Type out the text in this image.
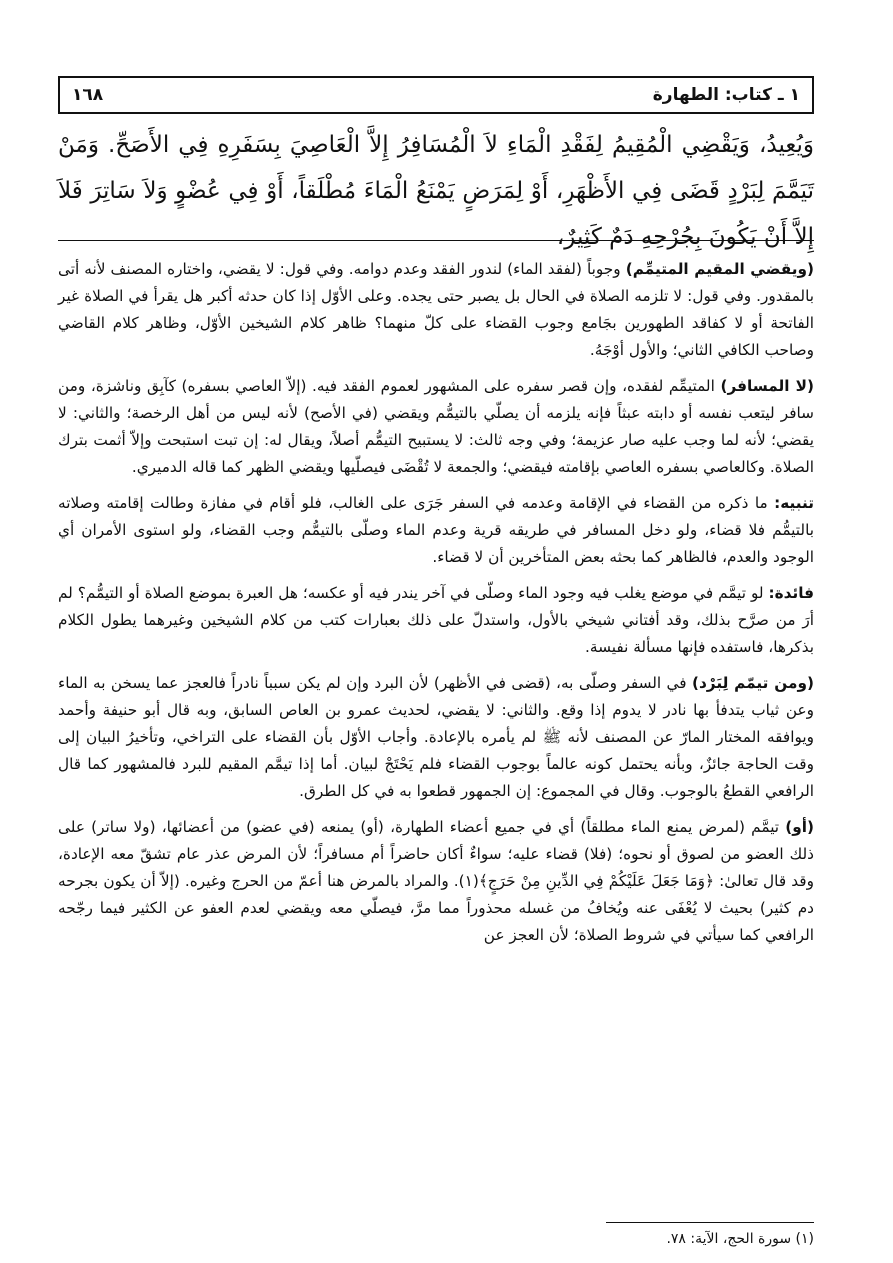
١٦٨	١ ـ كتاب: الطهارة
وَيُعِيدُ، وَيَقْضِي الْمُقِيمُ لِفَقْدِ الْمَاءِ لاَ الْمُسَافِرُ إِلاَّ الْعَاصِيَ بِسَفَرِهِ فِي الأَصَحِّ. وَمَنْ تَيَمَّمَ لِبَرْدٍ قَضَى فِي الأَظْهَرِ، أَوْ لِمَرَضٍ يَمْنَعُ الْمَاءَ مُطْلَقاً، أَوْ فِي عُضْوٍ وَلاَ سَاتِرَ فَلاَ إِلاَّ أَنْ يَكُونَ بِجُرْحِهِ دَمٌ كَثِيرٌ،

(ويقضي المقيم المتيمِّم) وجوباً (لفقد الماء) لندور الفقد وعدم دوامه. وفي قول: لا يقضي، واختاره المصنف لأنه أتى بالمقدور. وفي قول: لا تلزمه الصلاة في الحال بل يصبر حتى يجده. وعلى الأوّل إذا كان حدثه أكبر هل يقرأ في الصلاة غير الفاتحة أو لا كفاقد الطهورين بجَامع وجوب القضاء على كلّ منهما؟ ظاهر كلام الشيخين الأوّل، وظاهر كلام القاضي وصاحب الكافي الثاني؛ والأول أوْجَهُ.

(لا المسافر) المتيمِّم لفقده، وإن قصر سفره على المشهور لعموم الفقد فيه. (إلاّ العاصي بسفره) كآبِق وناشزة، ومن سافر ليتعب نفسه أو دابته عبثاً فإنه يلزمه أن يصلّي بالتيمُّم ويقضي (في الأصح) لأنه ليس من أهل الرخصة؛ والثاني: لا يقضي؛ لأنه لما وجب عليه صار عزيمة؛ وفي وجه ثالث: لا يستبيح التيمُّم أصلاً، ويقال له: إن تبت استبحت وإلاّ أثمت بترك الصلاة. وكالعاصي بسفره العاصي بإقامته فيقضي؛ والجمعة لا تُقْضَى فيصلّيها ويقضي الظهر كما قاله الدميري.

تنبيه: ما ذكره من القضاء في الإقامة وعدمه في السفر جَرَى على الغالب، فلو أقام في مفازة وطالت إقامته وصلاته بالتيمُّم فلا قضاء، ولو دخل المسافر في طريقه قرية وعدم الماء وصلّى بالتيمُّم وجب القضاء، ولو استوى الأمران أي الوجود والعدم، فالظاهر كما بحثه بعض المتأخرين أن لا قضاء.

فائدة: لو تيمَّم في موضع يغلب فيه وجود الماء وصلّى في آخر يندر فيه أو عكسه؛ هل العبرة بموضع الصلاة أو التيمُّم؟ لم أرَ من صرَّح بذلك، وقد أفتاني شيخي بالأول، واستدلّ على ذلك بعبارات كتب من كلام الشيخين وغيرهما يطول الكلام بذكرها، فاستفده فإنها مسألة نفيسة.

(ومن تيمّم لِبَرْد) في السفر وصلّى به، (قضى في الأظهر) لأن البرد وإن لم يكن سبباً نادراً فالعجز عما يسخن به الماء وعن ثياب يتدفأ بها نادر لا يدوم إذا وقع. والثاني: لا يقضي، لحديث عمرو بن العاص السابق، وبه قال أبو حنيفة وأحمد ويوافقه المختار المارّ عن المصنف لأنه ﷺ لم يأمره بالإعادة. وأجاب الأوّل بأن القضاء على التراخي، وتأخيرُ البيان إلى وقت الحاجة جائزٌ، وبأنه يحتمل كونه عالماً بوجوب القضاء فلم يَحْتَجْ لبيان. أما إذا تيمَّم المقيم للبرد فالمشهور كما قال الرافعي القطعُ بالوجوب. وقال في المجموع: إن الجمهور قطعوا به في كل الطرق.

(أو) تيمَّم (لمرض يمنع الماء مطلقاً) أي في جميع أعضاء الطهارة، (أو) يمنعه (في عضو) من أعضائها، (ولا ساتر) على ذلك العضو من لصوق أو نحوه؛ (فلا) قضاء عليه؛ سواءٌ أكان حاضراً أم مسافراً؛ لأن المرض عذر عام تشقّ معه الإعادة، وقد قال تعالىٰ: ﴿وَمَا جَعَلَ عَلَيْكُمْ فِي الدِّينِ مِنْ حَرَجٍ﴾(١). والمراد بالمرض هنا أعمّ من الحرج وغيره. (إلاّ أن يكون بجرحه دم كثير) بحيث لا يُعْفَى عنه ويُخافُ من غسله محذوراً مما مرَّ، فيصلّي معه ويقضي لعدم العفو عن الكثير فيما رجّحه الرافعي كما سيأتي في شروط الصلاة؛ لأن العجز عن

(١) سورة الحج، الآية: ٧٨.
